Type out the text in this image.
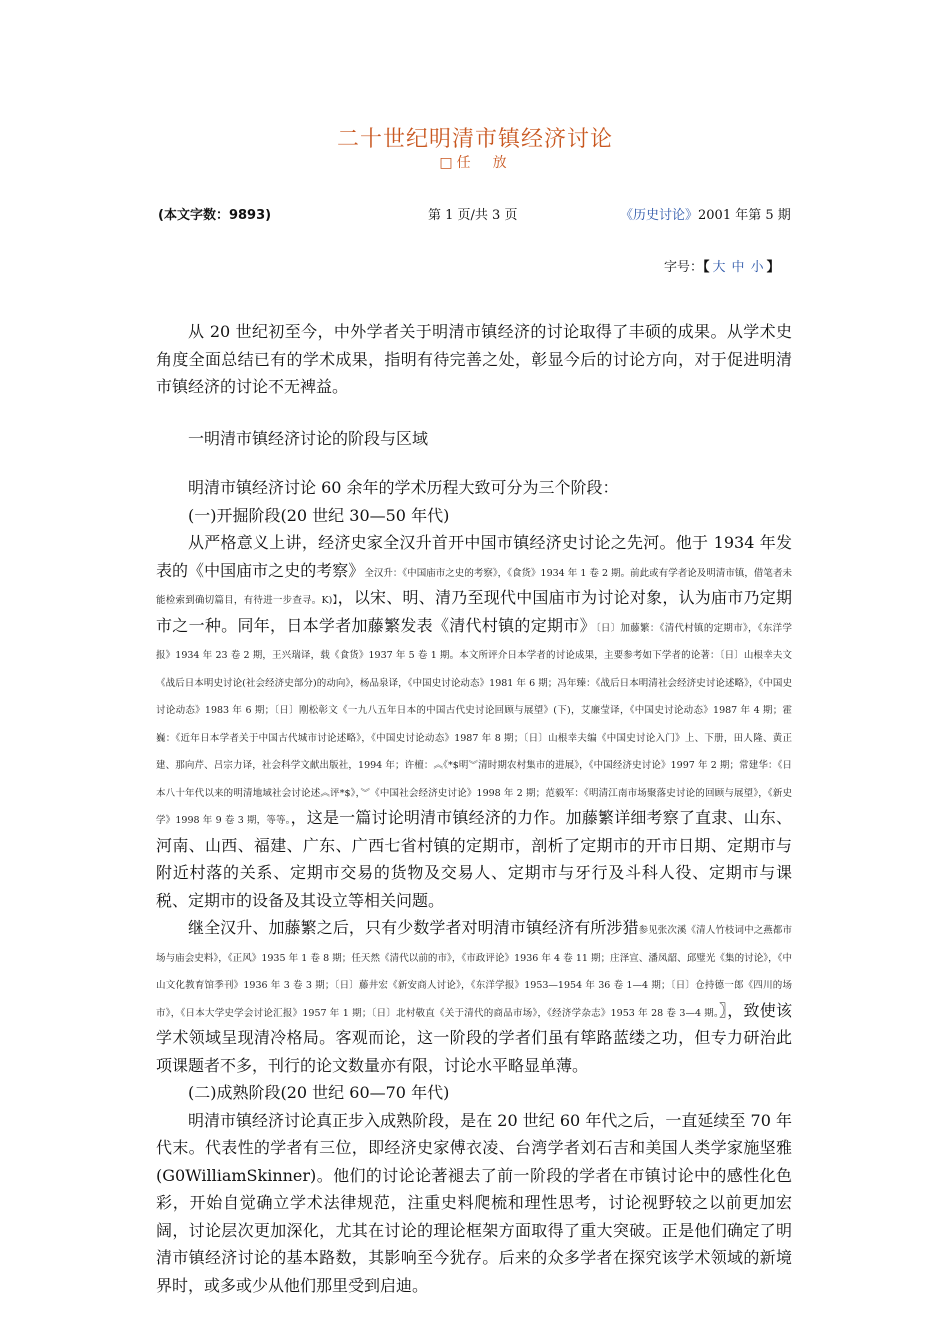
二十世纪明清市镇经济讨论
□任　放
(本文字数：9893)	第 1 页/共 3 页	《历史讨论》2001 年第 5 期
字号：【 大 中 小 】

从 20 世纪初至今，中外学者关于明清市镇经济的讨论取得了丰硕的成果。从学术史角度全面总结已有的学术成果，指明有待完善之处，彰显今后的讨论方向，对于促进明清市镇经济的讨论不无裨益。

一明清市镇经济讨论的阶段与区域

明清市镇经济讨论 60 余年的学术历程大致可分为三个阶段：

(一)开掘阶段(20 世纪 30—50 年代)

从严格意义上讲，经济史家全汉升首开中国市镇经济史讨论之先河。他于 1934 年发表的《中国庙市之史的考察》全汉升：《中国庙市之史的考察》，《食货》1934 年 1 卷 2 期。前此或有学者论及明清市镇，借笔者未能检索到确切篇目，有待进一步查寻。K)】，以宋、明、清乃至现代中国庙市为讨论对象，认为庙市乃定期市之一种。同年，日本学者加藤繁发表《清代村镇的定期市》〔日〕加藤繁：《清代村镇的定期市》，《东洋学报》1934 年 23 卷 2 期，王兴瑞译，载《食货》1937 年 5 卷 1 期。本文所评介日本学者的讨论成果，主要参考如下学者的论著：〔日〕山根幸夫文《战后日本明史讨论(社会经济史部分)的动向》，杨品泉译，《中国史讨论动态》1981 年 6 期；冯年臻：《战后日本明清社会经济史讨论述略》，《中国史讨论动态》1983 年 6 期；〔日〕刚松彰文《一九八五年日本的中国古代史讨论回顾与展望》(下)，艾廉莹译，《中国史讨论动态》1987 年 4 期；霍巍：《近年日本学者关于中国古代城市讨论述略》，《中国史讨论动态》1987 年 8 期；〔日〕山根幸夫编《中国史讨论入门》上、下册，田人隆、黄正建、那向芹、吕宗力译，社会科学文献出版社，1994 年；许檀：︽《*$明︾清时期农村集市的进展》，《中国经济史讨论》1997 年 2 期；常建华：《日本八十年代以来的明清地域社会讨论述︽评*$》，︾《中国社会经济史讨论》1998 年 2 期；范毅军：《明清江南市场聚落史讨论的回顾与展望》，《新史学》1998 年 9 卷 3 期，等等。，这是一篇讨论明清市镇经济的力作。加藤繁详细考察了直隶、山东、河南、山西、福建、广东、广西七省村镇的定期市，剖析了定期市的开市日期、定期市与附近村落的关系、定期市交易的货物及交易人、定期市与牙行及斗科人役、定期市与课税、定期市的设备及其设立等相关问题。

继全汉升、加藤繁之后，只有少数学者对明清市镇经济有所涉猎参见张次溪《清人竹枝词中之燕都市场与庙会史料》，《正风》1935 年 1 卷 8 期；任天然《清代以前的市》，《市政评论》1936 年 4 卷 11 期；庄泽宣、潘凤韶、邱璧光《集的讨论》，《中山文化教育馆季刊》1936 年 3 卷 3 期；〔日〕藤井宏《新安商人讨论》，《东洋学报》1953—1954 年 36 卷 1—4 期；〔日〕仓持德一郎《四川的场市》，《日本大学史学会讨论汇报》1957 年 1 期；〔日〕北村敬直《关于清代的商品市场》，《经济学杂志》1953 年 28 卷 3—4 期。〗，致使该学术领域呈现清冷格局。客观而论，这一阶段的学者们虽有筚路蓝缕之功，但专力研治此项课题者不多，刊行的论文数量亦有限，讨论水平略显单薄。

(二)成熟阶段(20 世纪 60—70 年代)

明清市镇经济讨论真正步入成熟阶段，是在 20 世纪 60 年代之后，一直延续至 70 年代末。代表性的学者有三位，即经济史家傅衣凌、台湾学者刘石吉和美国人类学家施坚雅(G0WilliamSkinner)。他们的讨论论著褪去了前一阶段的学者在市镇讨论中的感性化色彩，开始自觉确立学术法律规范，注重史料爬梳和理性思考，讨论视野较之以前更加宏阔，讨论层次更加深化，尤其在讨论的理论框架方面取得了重大突破。正是他们确定了明清市镇经济讨论的基本路数，其影响至今犹存。后来的众多学者在探究该学术领域的新境界时，或多或少从他们那里受到启迪。
